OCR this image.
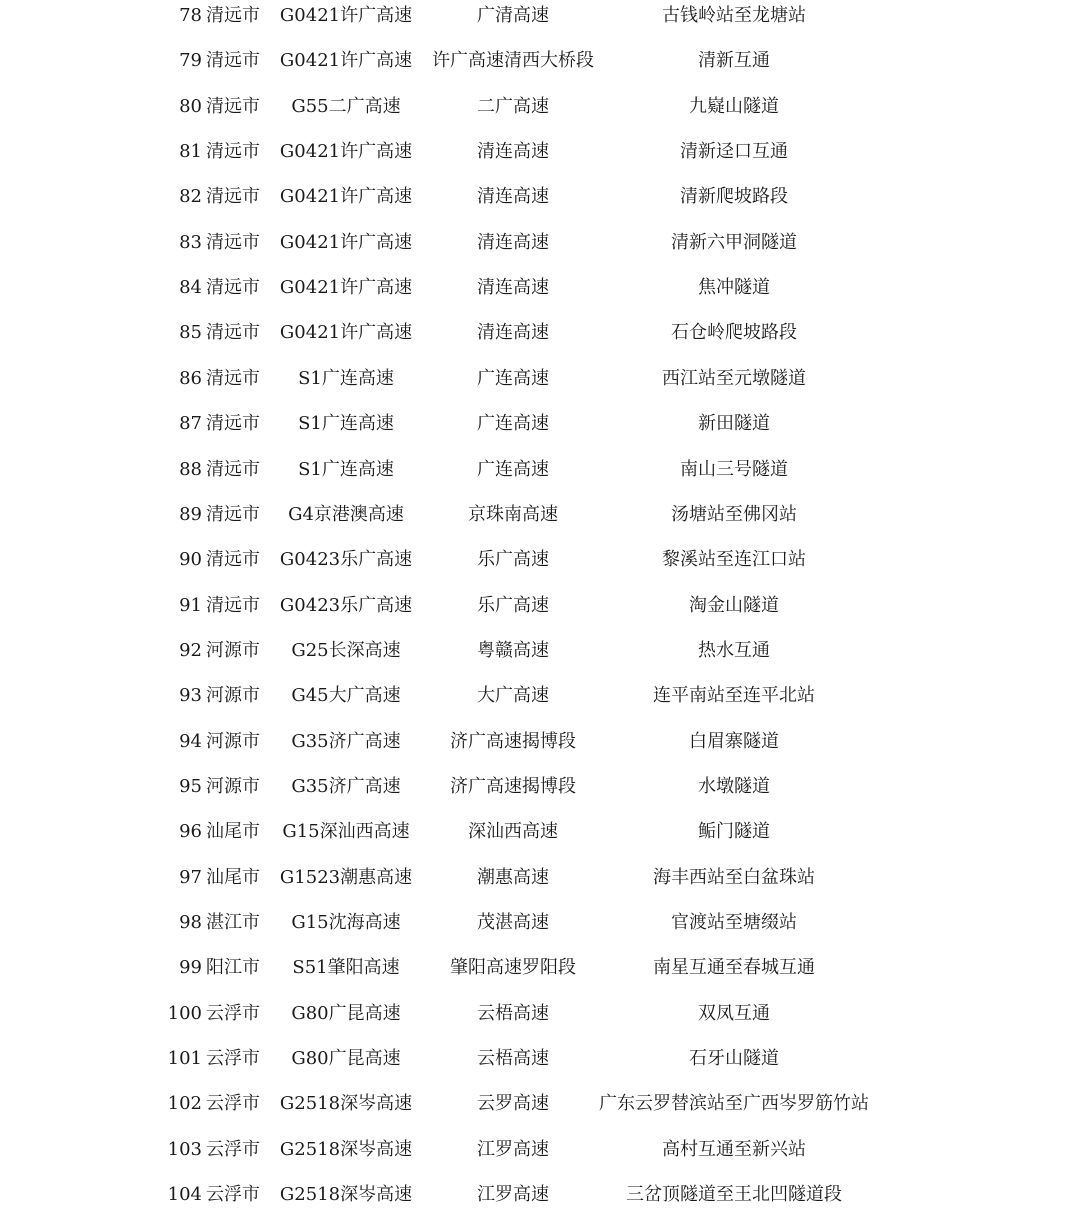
78 清远市	G0421许广高速	广清高速	古钱岭站至龙塘站
79 清远市	G0421许广高速	许广高速清西大桥段	清新互通
80 清远市	G55二广高速	二广高速	九嶷山隧道
81 清远市	G0421许广高速	清连高速	清新迳口互通
82 清远市	G0421许广高速	清连高速	清新爬坡路段
83 清远市	G0421许广高速	清连高速	清新六甲洞隧道
84 清远市	G0421许广高速	清连高速	焦冲隧道
85 清远市	G0421许广高速	清连高速	石仓岭爬坡路段
86 清远市	S1广连高速	广连高速	西江站至元墩隧道
87 清远市	S1广连高速	广连高速	新田隧道
88 清远市	S1广连高速	广连高速	南山三号隧道
89 清远市	G4京港澳高速	京珠南高速	汤塘站至佛冈站
90 清远市	G0423乐广高速	乐广高速	黎溪站至连江口站
91 清远市	G0423乐广高速	乐广高速	淘金山隧道
92 河源市	G25长深高速	粤赣高速	热水互通
93 河源市	G45大广高速	大广高速	连平南站至连平北站
94 河源市	G35济广高速	济广高速揭博段	白眉寨隧道
95 河源市	G35济广高速	济广高速揭博段	水墩隧道
96 汕尾市	G15深汕西高速	深汕西高速	鲘门隧道
97 汕尾市	G1523潮惠高速	潮惠高速	海丰西站至白盆珠站
98 湛江市	G15沈海高速	茂湛高速	官渡站至塘缀站
99 阳江市	S51肇阳高速	肇阳高速罗阳段	南星互通至春城互通
100 云浮市	G80广昆高速	云梧高速	双凤互通
101 云浮市	G80广昆高速	云梧高速	石牙山隧道
102 云浮市	G2518深岑高速	云罗高速	广东云罗替滨站至广西岑罗筋竹站
103 云浮市	G2518深岑高速	江罗高速	高村互通至新兴站
104 云浮市	G2518深岑高速	江罗高速	三岔顶隧道至王北凹隧道段
